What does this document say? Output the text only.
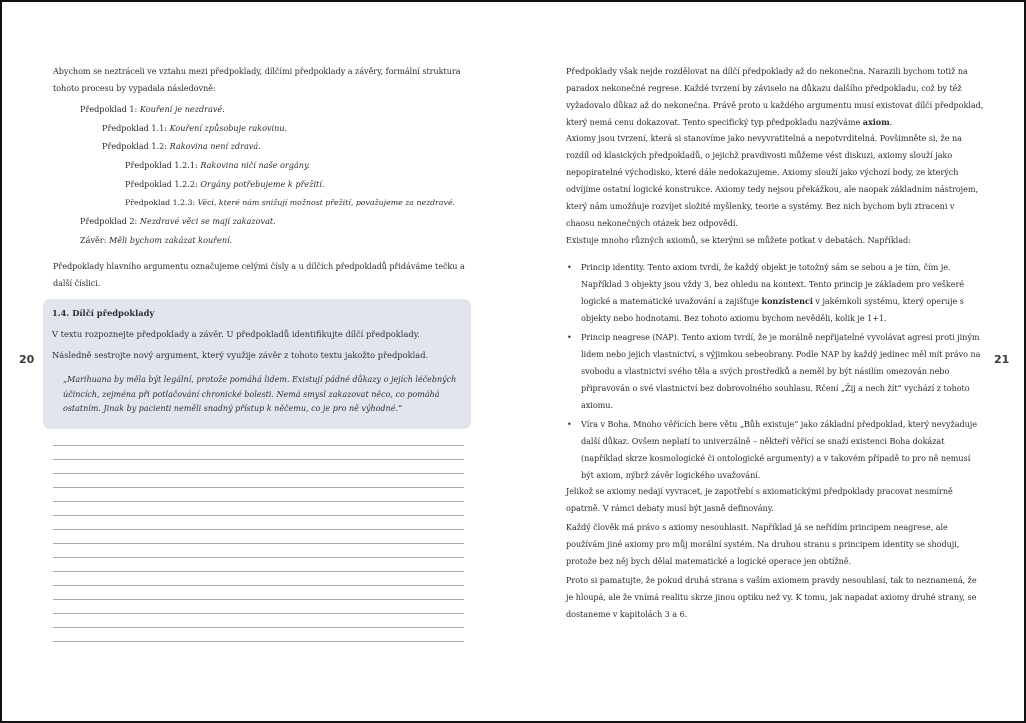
20

Abychom se neztráceli ve vztahu mezi předpoklady, dílčími předpoklady a závěry, formální struktura tohoto procesu by vypadala následovně:

Předpoklad 1: Kouření je nezdravé.
Předpoklad 1.1: Kouření způsobuje rakovinu.
Předpoklad 1.2: Rakovina není zdravá.
Předpoklad 1.2.1: Rakovina ničí naše orgány.
Předpoklad 1.2.2: Orgány potřebujeme k přežití.
Předpoklad 1.2.3: Věci, které nám snižují možnost přežití, považujeme za nezdravé.
Předpoklad 2: Nezdravé věci se mají zakazovat.
Závěr: Měli bychom zakázat kouření.

Předpoklady hlavního argumentu označujeme celými čísly a u dílčích předpokladů přidáváme tečku a další číslici.

1.4. Dílčí předpoklady
V textu rozpoznejte předpoklady a závěr. U předpokladů identifikujte dílčí předpoklady.
Následně sestrojte nový argument, který využije závěr z tohoto textu jakožto předpoklad.
„Marihuana by měla být legální, protože pomáhá lidem. Existují pádné důkazy o jejích léčebných účincích, zejména při potlačování chronické bolesti. Nemá smysl zakazovat něco, co pomáhá ostatním. Jinak by pacienti neměli snadný přístup k něčemu, co je pro ně výhodné.“
21

Předpoklady však nejde rozdělovat na dílčí předpoklady až do nekonečna. Narazili bychom totiž na paradox nekonečné regrese. Každé tvrzení by záviselo na důkazu dalšího předpokladu, což by též vyžadovalo důkaz až do nekonečna. Právě proto u každého argumentu musí existovat dílčí předpoklad, který nemá cenu dokazovat. Tento specifický typ předpokladu nazýváme axiom.

Axiomy jsou tvrzení, která si stanovíme jako nevyvratitelná a nepotvrditelná. Povšimněte si, že na rozdíl od klasických předpokladů, o jejichž pravdivosti můžeme vést diskuzi, axiomy slouží jako nepopiratelné východisko, které dále nedokazujeme. Axiomy slouží jako výchozí body, ze kterých odvíjíme ostatní logické konstrukce. Axiomy tedy nejsou překážkou, ale naopak základním nástrojem, který nám umožňuje rozvíjet složité myšlenky, teorie a systémy. Bez nich bychom byli ztraceni v chaosu nekonečných otázek bez odpovědí.

Existuje mnoho různých axiomů, se kterými se můžete potkat v debatách. Například:

• Princip identity. Tento axiom tvrdí, že každý objekt je totožný sám se sebou a je tím, čím je. Například 3 objekty jsou vždy 3, bez ohledu na kontext. Tento princip je základem pro veškeré logické a matematické uvažování a zajišťuje konzistenci v jakémkoli systému, který operuje s objekty nebo hodnotami. Bez tohoto axiomu bychom nevěděli, kolik je 1+1.
• Princip neagrese (NAP). Tento axiom tvrdí, že je morálně nepřijatelné vyvolávat agresi proti jiným lidem nebo jejich vlastnictví, s výjimkou sebeobrany. Podle NAP by každý jedinec měl mít právo na svobodu a vlastnictví svého těla a svých prostředků a neměl by být násilím omezován nebo připravován o své vlastnictví bez dobrovolného souhlasu. Rčení „Žij a nech žít“ vychází z tohoto axiomu.
• Víra v Boha. Mnoho věřících bere větu „Bůh existuje“ jako základní předpoklad, který nevyžaduje další důkaz. Ovšem neplatí to univerzálně – někteří věřící se snaží existenci Boha dokázat (například skrze kosmologické či ontologické argumenty) a v takovém případě to pro ně nemusí být axiom, nýbrž závěr logického uvažování.

Jelikož se axiomy nedají vyvracet, je zapotřebí s axiomatickými předpoklady pracovat nesmírně opatrně. V rámci debaty musí být jasně definovány.

Každý člověk má právo s axiomy nesouhlasit. Například já se neřídím principem neagrese, ale používám jiné axiomy pro můj morální systém. Na druhou stranu s principem identity se shoduji, protože bez něj bych dělal matematické a logické operace jen obtížně.

Proto si pamatujte, že pokud druhá strana s vaším axiomem pravdy nesouhlasí, tak to neznamená, že je hloupá, ale že vnímá realitu skrze jinou optiku než vy. K tomu, jak napadat axiomy druhé strany, se dostaneme v kapitolách 3 a 6.
